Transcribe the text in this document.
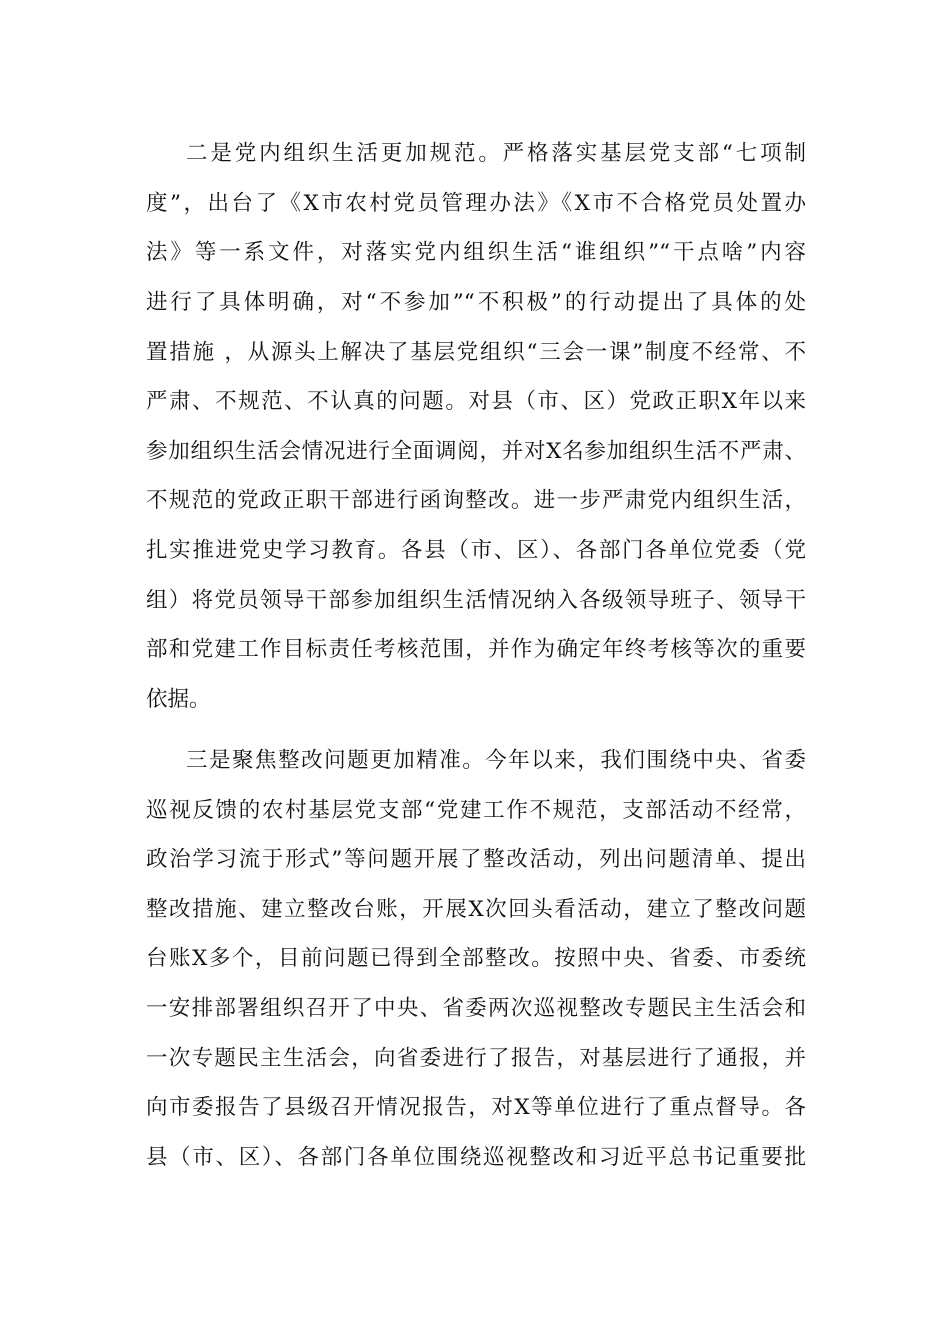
二是党内组织生活更加规范。严格落实基层党支部“七项制
度”，出台了《X市农村党员管理办法》《X市不合格党员处置办
法》等一系文件，对落实党内组织生活“谁组织”“干点啥”内容
进行了具体明确，对“不参加”“不积极”的行动提出了具体的处
置措施 ，从源头上解决了基层党组织“三会一课”制度不经常、不
严肃、不规范、不认真的问题。对县（市、区）党政正职X年以来
参加组织生活会情况进行全面调阅，并对X名参加组织生活不严肃、
不规范的党政正职干部进行函询整改。进一步严肃党内组织生活，
扎实推进党史学习教育。各县（市、区）、各部门各单位党委（党
组）将党员领导干部参加组织生活情况纳入各级领导班子、领导干
部和党建工作目标责任考核范围，并作为确定年终考核等次的重要
依据。
三是聚焦整改问题更加精准。今年以来，我们围绕中央、省委
巡视反馈的农村基层党支部“党建工作不规范，支部活动不经常，
政治学习流于形式”等问题开展了整改活动，列出问题清单、提出
整改措施、建立整改台账，开展X次回头看活动，建立了整改问题
台账X多个，目前问题已得到全部整改。按照中央、省委、市委统
一安排部署组织召开了中央、省委两次巡视整改专题民主生活会和
一次专题民主生活会，向省委进行了报告，对基层进行了通报，并
向市委报告了县级召开情况报告，对X等单位进行了重点督导。各
县（市、区）、各部门各单位围绕巡视整改和习近平总书记重要批
